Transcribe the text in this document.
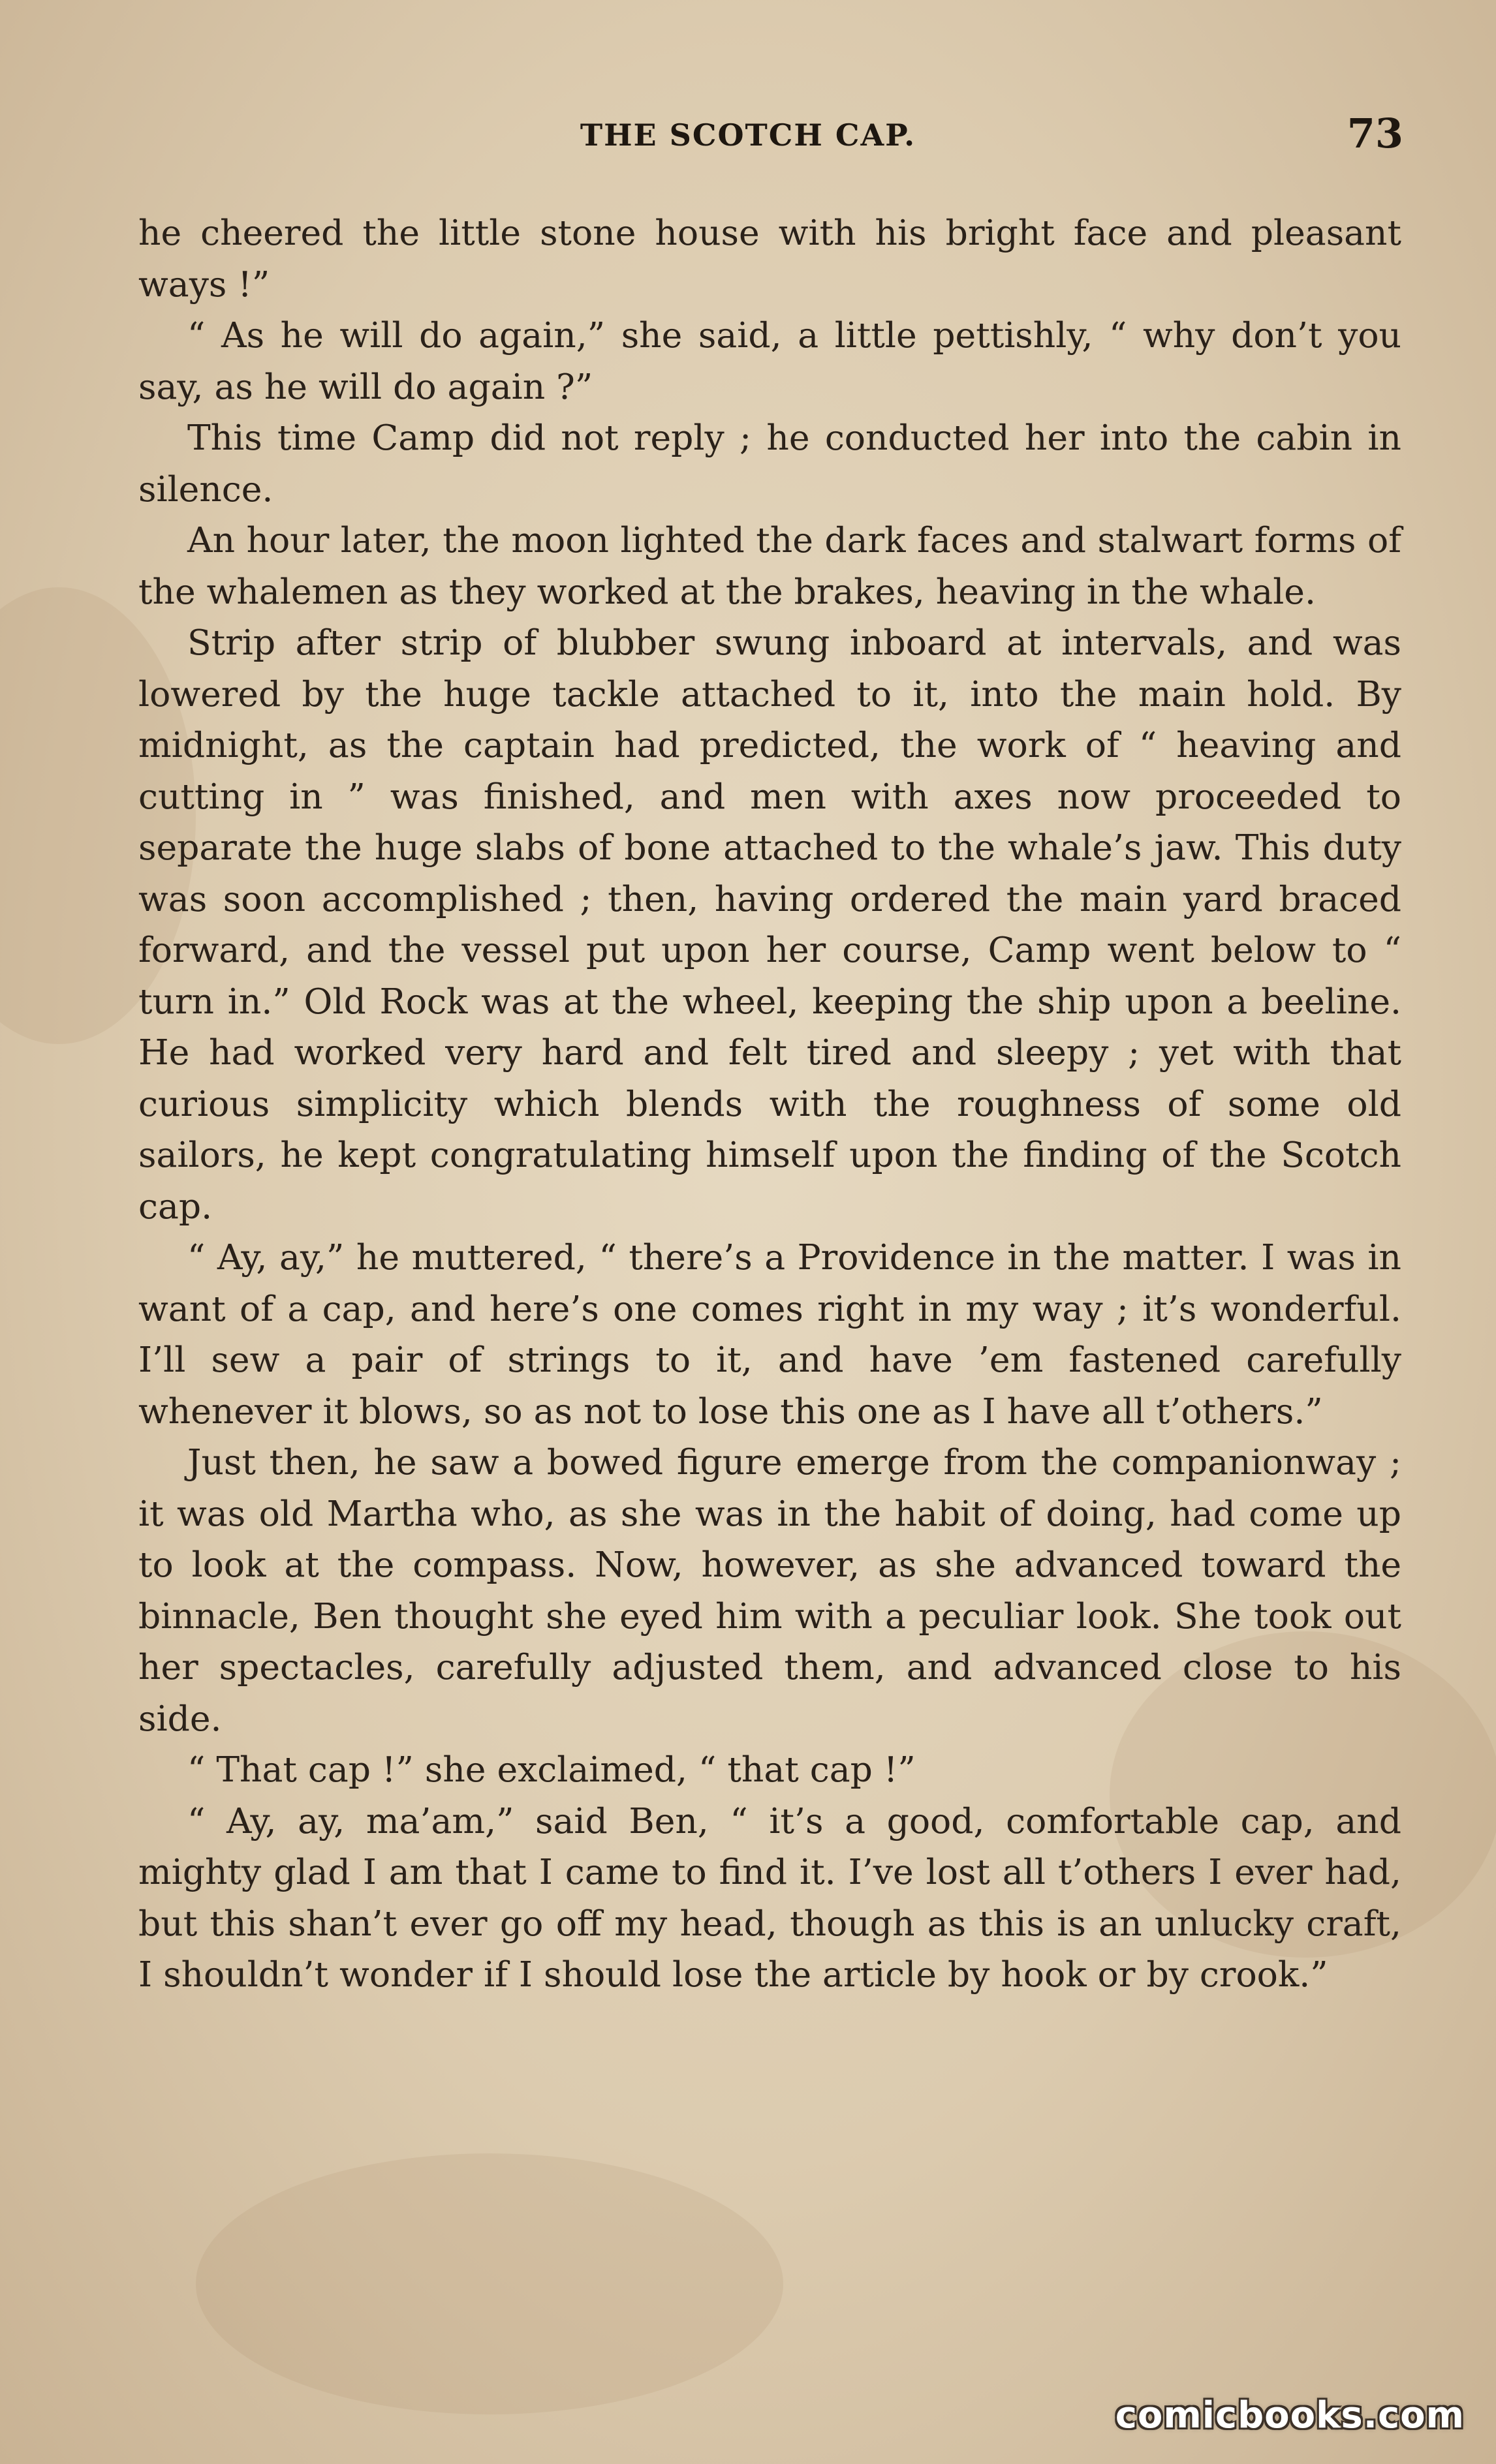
THE SCOTCH CAP.	73

he cheered the little stone house with his bright face and pleasant ways !”

“ As he will do again,” she said, a little pettishly, “ why don’t you say, as he will do again ?”

This time Camp did not reply ; he conducted her into the cabin in silence.

An hour later, the moon lighted the dark faces and stalwart forms of the whalemen as they worked at the brakes, heaving in the whale.

Strip after strip of blubber swung inboard at intervals, and was lowered by the huge tackle attached to it, into the main hold. By midnight, as the captain had predicted, the work of “ heaving and cutting in ” was finished, and men with axes now proceeded to separate the huge slabs of bone attached to the whale’s jaw. This duty was soon accomplished ; then, having ordered the main yard braced forward, and the vessel put upon her course, Camp went below to “ turn in.” Old Rock was at the wheel, keeping the ship upon a beeline. He had worked very hard and felt tired and sleepy ; yet with that curious simplicity which blends with the roughness of some old sailors, he kept congratulating himself upon the finding of the Scotch cap.

“ Ay, ay,” he muttered, “ there’s a Providence in the matter. I was in want of a cap, and here’s one comes right in my way ; it’s wonderful. I’ll sew a pair of strings to it, and have ’em fastened carefully whenever it blows, so as not to lose this one as I have all t’others.”

Just then, he saw a bowed figure emerge from the companionway ; it was old Martha who, as she was in the habit of doing, had come up to look at the compass. Now, however, as she advanced toward the binnacle, Ben thought she eyed him with a peculiar look. She took out her spectacles, carefully adjusted them, and advanced close to his side.

“ That cap !” she exclaimed, “ that cap !”

“ Ay, ay, ma’am,” said Ben, “ it’s a good, comfortable cap, and mighty glad I am that I came to find it. I’ve lost all t’others I ever had, but this shan’t ever go off my head, though as this is an unlucky craft, I shouldn’t wonder if I should lose the article by hook or by crook.”

comicbooks.com
